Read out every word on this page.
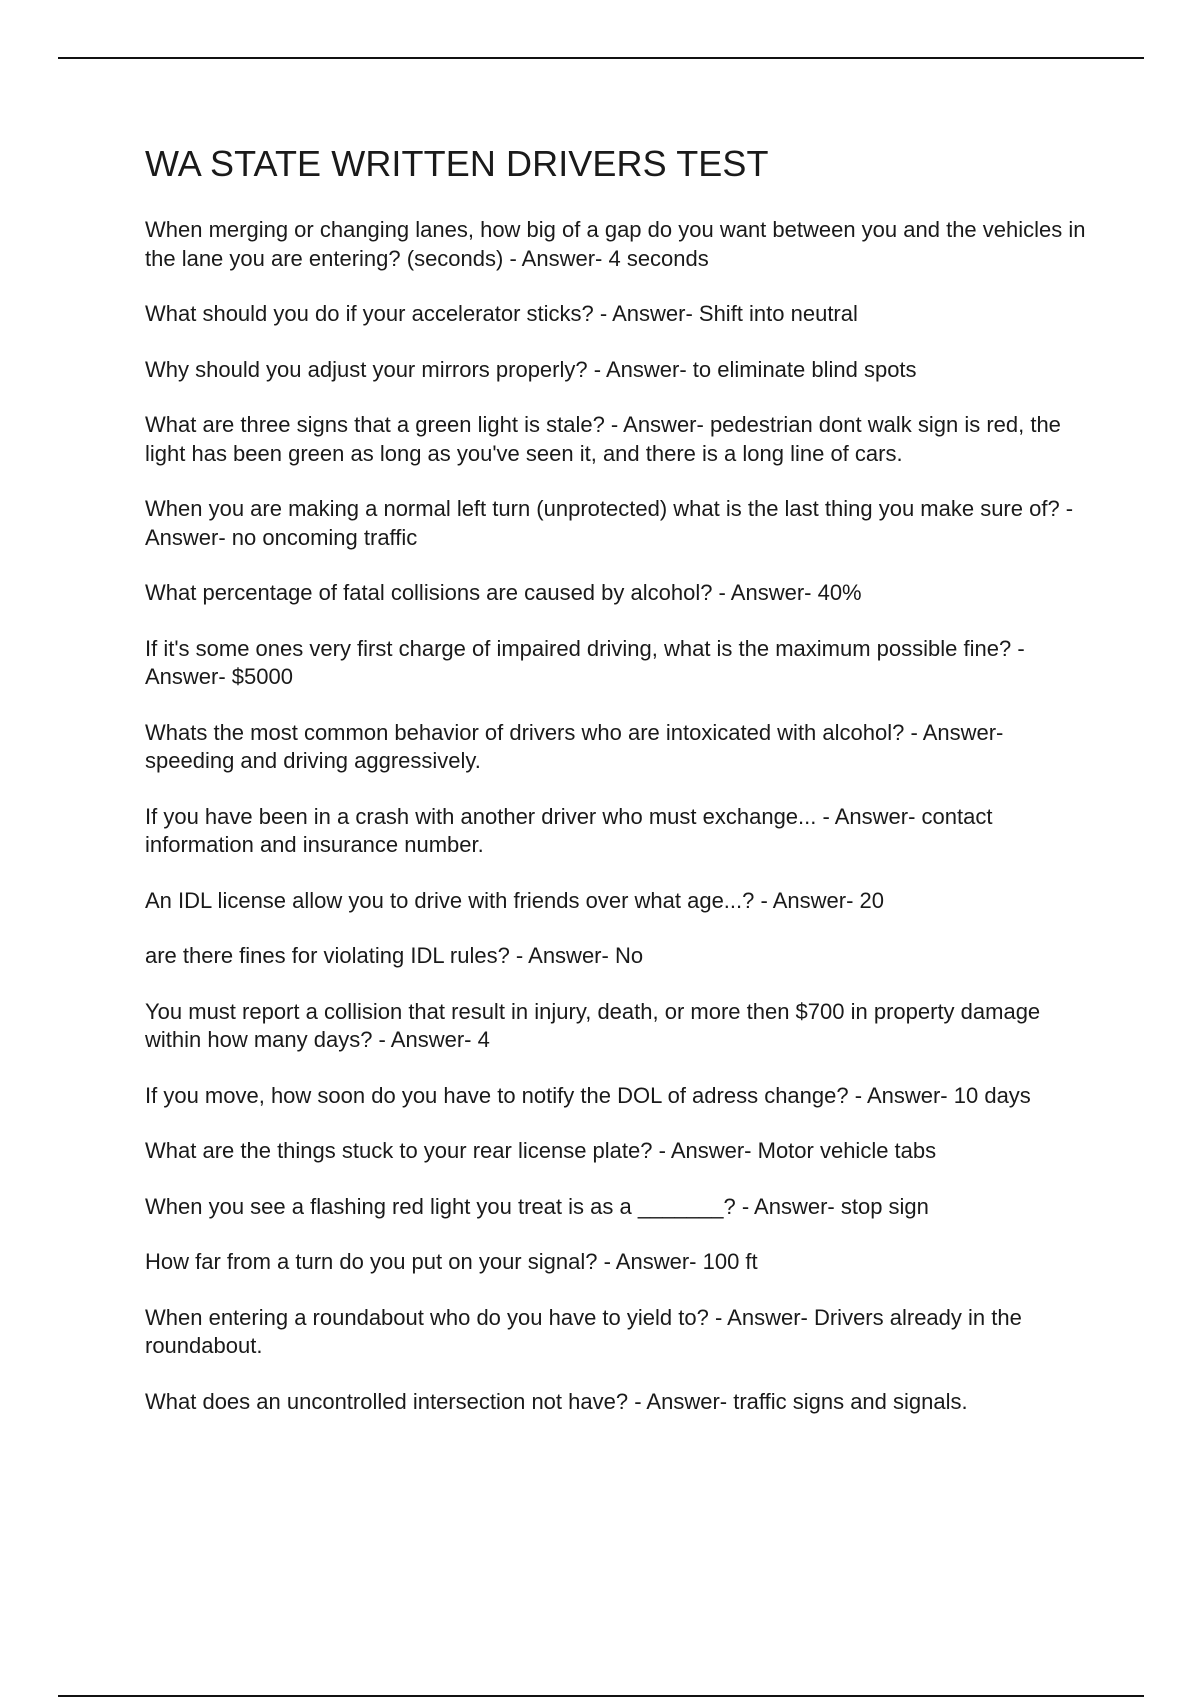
WA STATE WRITTEN DRIVERS TEST

When merging or changing lanes, how big of a gap do you want between you and the vehicles in the lane you are entering? (seconds) - Answer- 4 seconds

What should you do if your accelerator sticks? - Answer- Shift into neutral

Why should you adjust your mirrors properly? - Answer- to eliminate blind spots

What are three signs that a green light is stale? - Answer- pedestrian dont walk sign is red, the light has been green as long as you've seen it, and there is a long line of cars.

When you are making a normal left turn (unprotected) what is the last thing you make sure of? - Answer- no oncoming traffic

What percentage of fatal collisions are caused by alcohol? - Answer- 40%

If it's some ones very first charge of impaired driving, what is the maximum possible fine? - Answer- $5000

Whats the most common behavior of drivers who are intoxicated with alcohol? - Answer- speeding and driving aggressively.

If you have been in a crash with another driver who must exchange... - Answer- contact information and insurance number.

An IDL license allow you to drive with friends over what age...? - Answer- 20

are there fines for violating IDL rules? - Answer- No

You must report a collision that result in injury, death, or more then $700 in property damage within how many days? - Answer- 4

If you move, how soon do you have to notify the DOL of adress change? - Answer- 10 days

What are the things stuck to your rear license plate? - Answer- Motor vehicle tabs

When you see a flashing red light you treat is as a _______? - Answer- stop sign

How far from a turn do you put on your signal? - Answer- 100 ft

When entering a roundabout who do you have to yield to? - Answer- Drivers already in the roundabout.

What does an uncontrolled intersection not have? - Answer- traffic signs and signals.
